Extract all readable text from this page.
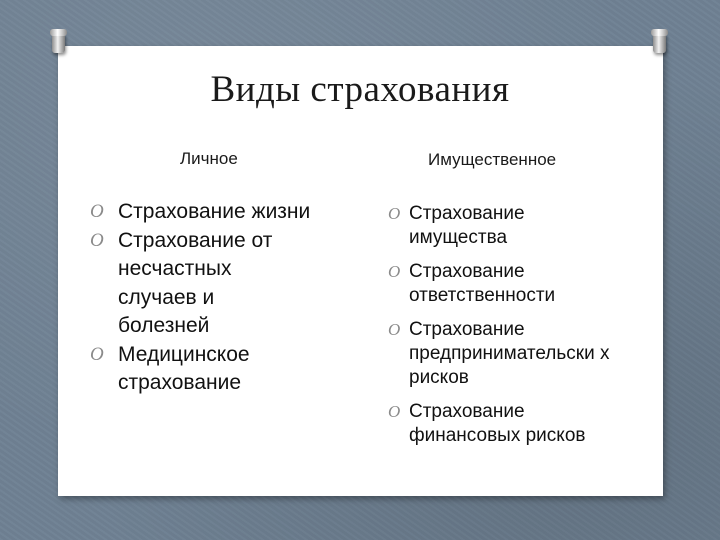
Виды страхования
Личное	Имущественное
O Страхование жизни
O Страхование от несчастных случаев и болезней
O Медицинское страхование
O Страхование имущества
O Страхование ответственности
O Страхование предпринимательски х рисков
O Страхование финансовых рисков
